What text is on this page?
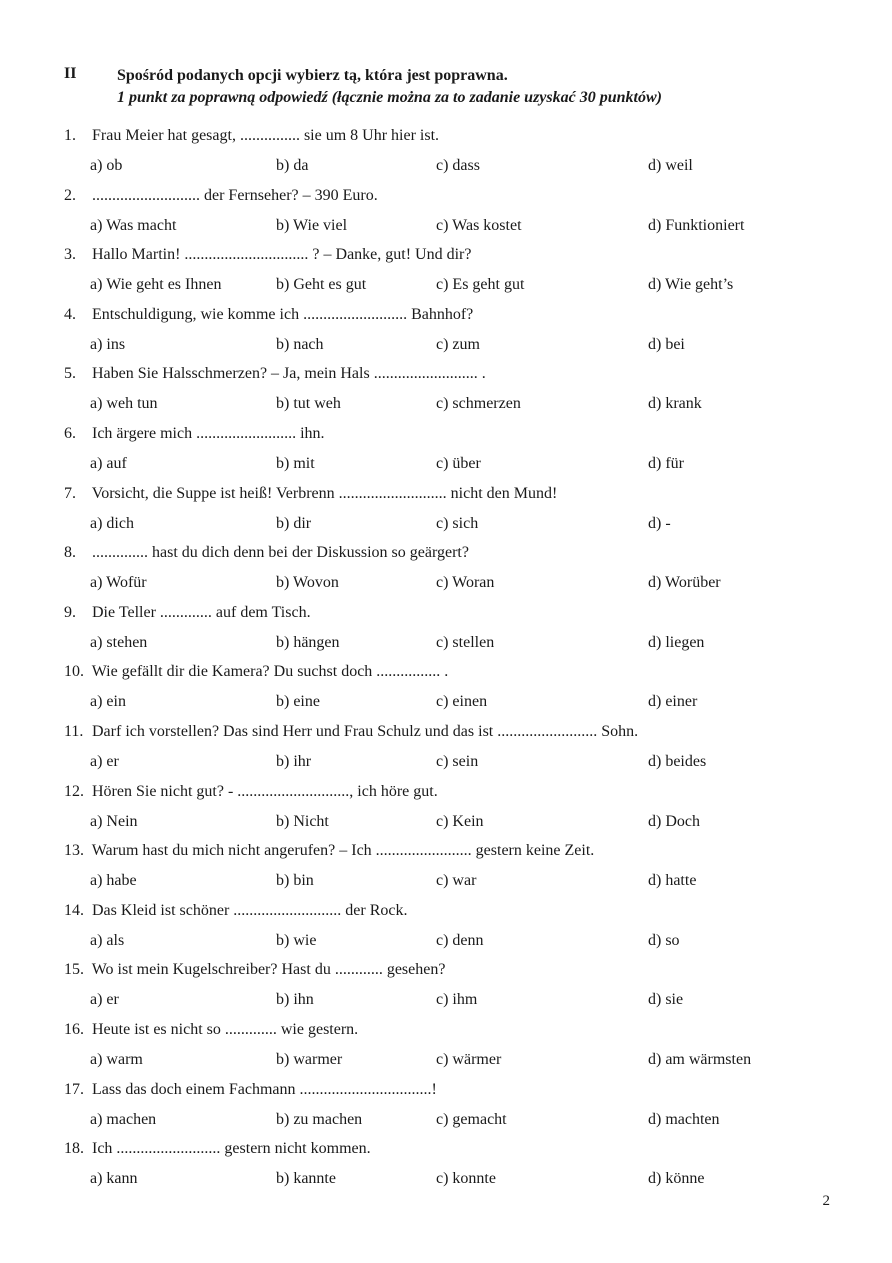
II	Spośród podanych opcji wybierz tą, która jest poprawna.
1 punkt za poprawną odpowiedź (łącznie można za to zadanie uzyskać 30 punktów)
1. Frau Meier hat gesagt, ............... sie um 8 Uhr hier ist.
a) ob	b) da	c) dass	d) weil
2. ........................... der Fernseher? – 390 Euro.
a) Was macht	b) Wie viel	c) Was kostet	d) Funktioniert
3. Hallo Martin! ............................... ? – Danke, gut! Und dir?
a) Wie geht es Ihnen	b) Geht es gut	c) Es geht gut	d) Wie geht’s
4. Entschuldigung, wie komme ich .......................... Bahnhof?
a) ins	b) nach	c) zum	d) bei
5. Haben Sie Halsschmerzen? – Ja, mein Hals .......................... .
a) weh tun	b) tut weh	c) schmerzen	d) krank
6. Ich ärgere mich ......................... ihn.
a) auf	b) mit	c) über	d) für
7. Vorsicht, die Suppe ist heiß! Verbrenn ........................... nicht den Mund!
a) dich	b) dir	c) sich	d) -
8. .............. hast du dich denn bei der Diskussion so geärgert?
a) Wofür	b) Wovon	c) Woran	d) Worüber
9. Die Teller ............. auf dem Tisch.
a) stehen	b) hängen	c) stellen	d) liegen
10. Wie gefällt dir die Kamera? Du suchst doch ................ .
a) ein	b) eine	c) einen	d) einer
11. Darf ich vorstellen? Das sind Herr und Frau Schulz und das ist ......................... Sohn.
a) er	b) ihr	c) sein	d) beides
12. Hören Sie nicht gut? - ............................, ich höre gut.
a) Nein	b) Nicht	c) Kein	d) Doch
13. Warum hast du mich nicht angerufen? – Ich ........................ gestern keine Zeit.
a) habe	b) bin	c) war	d) hatte
14. Das Kleid ist schöner ........................... der Rock.
a) als	b) wie	c) denn	d) so
15. Wo ist mein Kugelschreiber? Hast du ............ gesehen?
a) er	b) ihn	c) ihm	d) sie
16. Heute ist es nicht so ............. wie gestern.
a) warm	b) warmer	c) wärmer	d) am wärmsten
17. Lass das doch einem Fachmann .................................!
a) machen	b) zu machen	c) gemacht	d) machten
18. Ich .......................... gestern nicht kommen.
a) kann	b) kannte	c) konnte	d) könne
2
